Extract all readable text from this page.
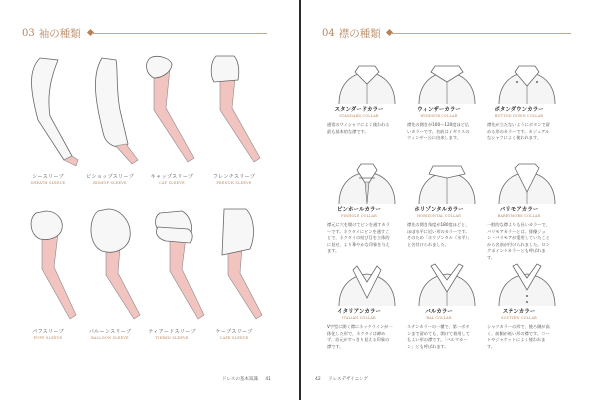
03 袖の種類
シースリーブ
SHEATH SLEEVE
ビショップスリーブ
BISHOP SLEEVE
キャップスリーブ
CAP SLEEVE
フレンチスリーブ
FRENCH SLEEVE
パフスリーブ
PUFF SLEEVE
バルーンスリーブ
BALLOON SLEEVE
ティアードスリーブ
TIERED SLEEVE
ケープスリーブ
CAPE SLEEVE
ドレスの基本知識 41
04 襟の種類
スタンダードカラー
STANDARD COLLAR
通常のワイシャツによく使われる最も基本的な襟です。
ウィンザーカラー
WINDSOR COLLAR
襟先の開きが100〜120度ほど広いカラーです。名前はイギリスのウィンザー公に由来します。
ボタンダウンカラー
BUTTON DOWN COLLAR
襟先が立たないようにボタンで留める形のカラーです。カジュアルなシャツによく使われます。
ピンホールカラー
PINHOLE COLLAR
襟元に穴を開けてピンを通すカラーです。ネクタイにピンを通すことで、ネクタイの結び目を立体的に見せ、より華やかな印象を与えます。
ホリゾンタルカラー
HORIZONTAL COLLAR
襟先の開き角度が180度ほどと、ほぼ水平に近い形のカラーです。そのため「ホリゾンタル（水平）」と名付けられました。
バリモアカラー
BARRYMORE COLLAR
一般的な襟よりも長いカラーで、バリモアカラーとは、俳優ジョン・バリモアが愛用していたことから名前が付けられました。ロングポイントカラーとも呼ばれます。
イタリアンカラー
ITALIAN COLLAR
V字型に開く襟にネックラインが一体化した形で、ネクタイは締めず、首元がすっきり見える印象の襟です。
バルカラー
BAL COLLAR
ステンカラーの一種で、第一ボタンまで留めても、開けて着用してもよい形の襟です。「バルマカーン」とも呼ばれます。
ステンカラー
SOUTIEN COLLAR
シャツカラーの形で、後ろ側が高く、前側が低い形の襟です。コートやジャケットによく使われます。
42 ドレスデザイニング
